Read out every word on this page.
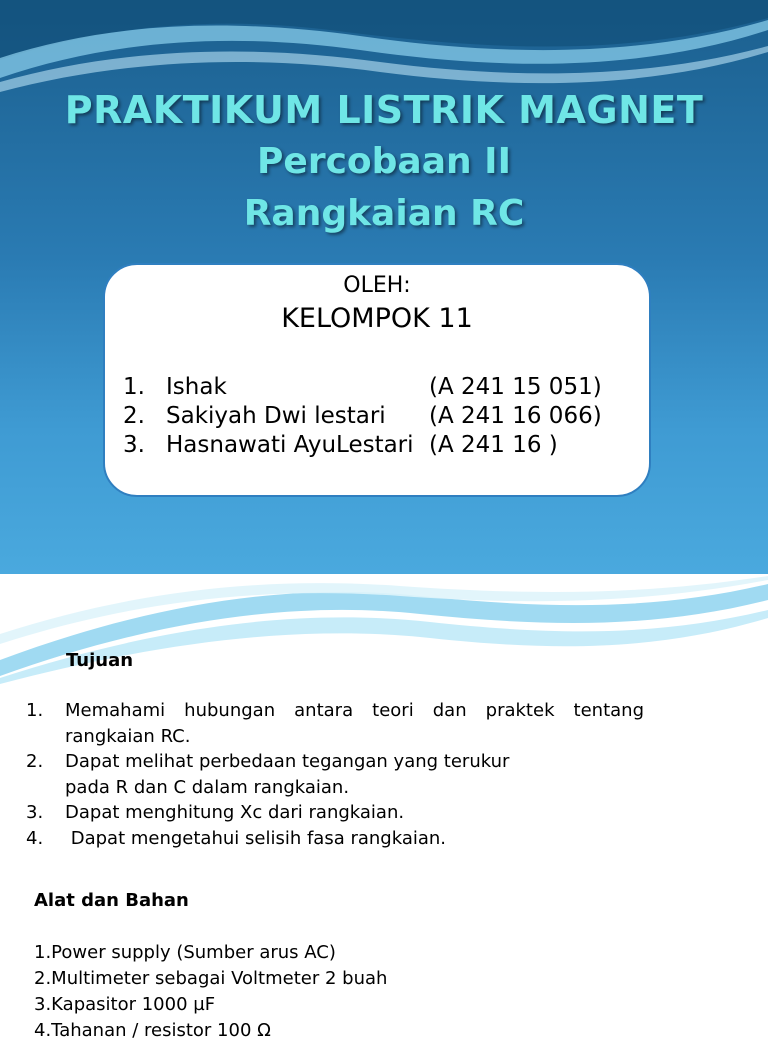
PRAKTIKUM LISTRIK MAGNET
Percobaan II
Rangkaian RC
OLEH:
KELOMPOK 11
1. Ishak	(A 241 15 051)
2. Sakiyah Dwi lestari	(A 241 16 066)
3. Hasnawati AyuLestari (A 241 16 )
Tujuan
1.	Memahami hubungan antara teori dan praktek tentang
rangkaian RC.
2.	Dapat melihat perbedaan tegangan yang terukur
pada R dan C dalam rangkaian.
3.	Dapat menghitung Xc dari rangkaian.
4.	Dapat mengetahui selisih fasa rangkaian.
Alat dan Bahan
1.Power supply (Sumber arus AC)
2.Multimeter sebagai Voltmeter 2 buah
3.Kapasitor 1000 µF
4.Tahanan / resistor 100 Ω
